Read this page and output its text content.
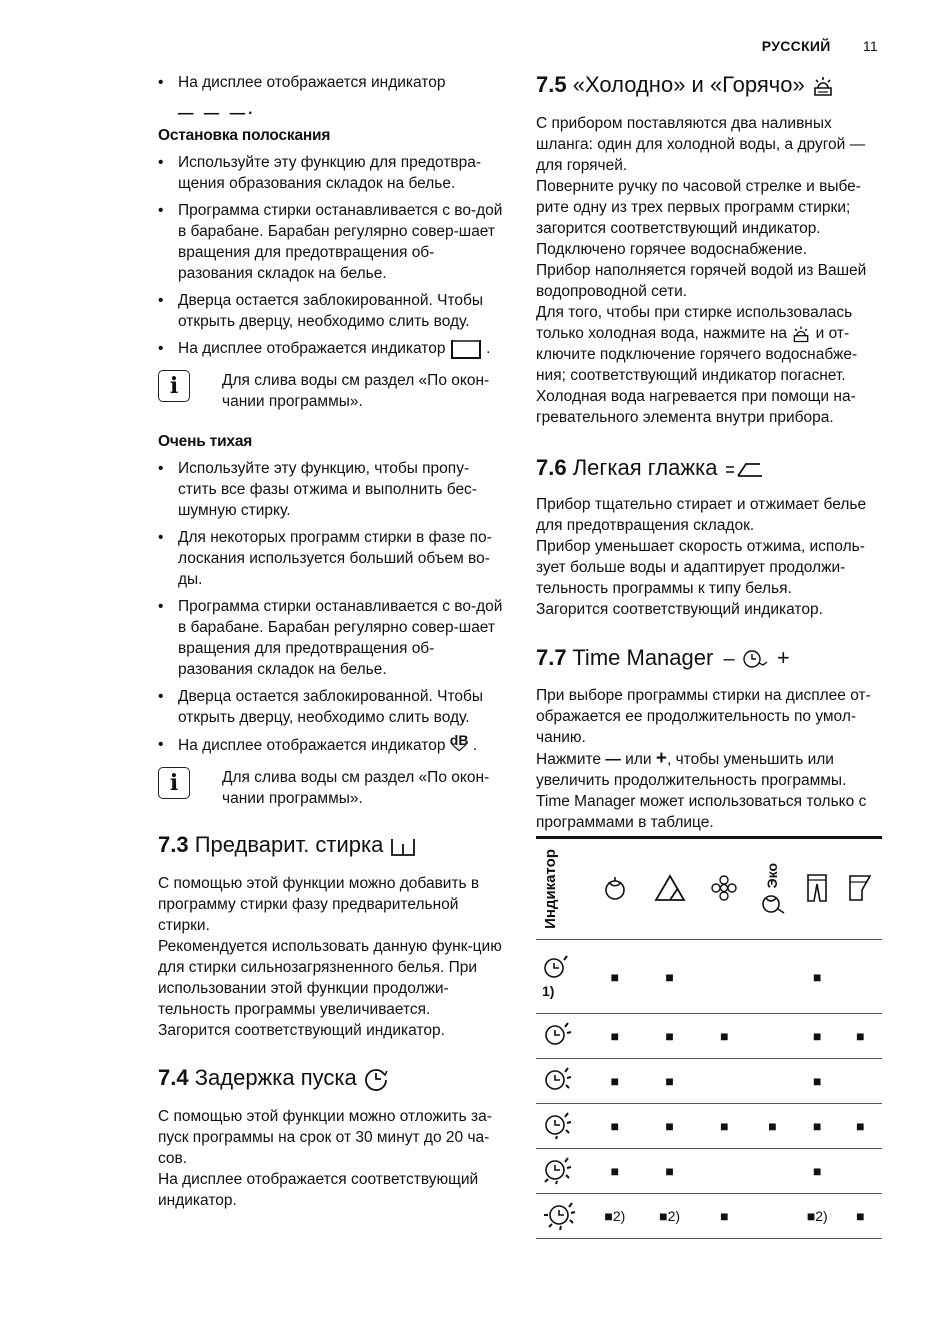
РУССКИЙ 11
• На дисплее отображается индикатор
— — —·
Остановка полоскания
• Используйте эту функцию для предотвра-щения образования складок на белье.
• Программа стирки останавливается с во-дой в барабане. Барабан регулярно совер-шает вращения для предотвращения об-разования складок на белье.
• Дверца остается заблокированной. Чтобы открыть дверцу, необходимо слить воду.
• На дисплее отображается индикатор  .
i	Для слива воды см раздел «По окон-чании программы».
Очень тихая
• Используйте эту функцию, чтобы пропу-стить все фазы отжима и выполнить бес-шумную стирку.
• Для некоторых программ стирки в фазе по-лоскания используется больший объем во-ды.
• Программа стирки останавливается с во-дой в барабане. Барабан регулярно совер-шает вращения для предотвращения об-разования складок на белье.
• Дверца остается заблокированной. Чтобы открыть дверцу, необходимо слить воду.
• На дисплее отображается индикатор dB
﹀ .
i	Для слива воды см раздел «По окон-чании программы».
7.3 Предварит. стирка

С помощью этой функции можно добавить в программу стирки фазу предварительной стирки.

Рекомендуется использовать данную функ-цию для стирки сильнозагрязненного белья. При использовании этой функции продолжи-тельность программы увеличивается.

Загорится соответствующий индикатор.

7.4 Задержка пуска

С помощью этой функции можно отложить за-пуск программы на срок от 30 минут до 20 ча-сов.

На дисплее отображается соответствующий индикатор.

7.5 «Холодно» и «Горячо»

С прибором поставляются два наливных шланга: один для холодной воды, а другой — для горячей.

Поверните ручку по часовой стрелке и выбе-рите одну из трех первых программ стирки; загорится соответствующий индикатор.

Подключено горячее водоснабжение.

Прибор наполняется горячей водой из Вашей водопроводной сети.

Для того, чтобы при стирке использовалась только холодная вода, нажмите на и от-ключите подключение горячего водоснабже-ния; соответствующий индикатор погаснет.

Холодная вода нагревается при помощи на-гревательного элемента внутри прибора.

7.6 Легкая глажка

Прибор тщательно стирает и отжимает белье для предотвращения складок.

Прибор уменьшает скорость отжима, исполь-зует больше воды и адаптирует продолжи-тельность программы к типу белья.

Загорится соответствующий индикатор.

7.7 Time Manager – +

При выборе программы стирки на дисплее от-ображается ее продолжительность по умол-чанию.

Нажмите — или +, чтобы уменьшить или увеличить продолжительность программы.

Time Manager может использоваться только с программами в таблице.

Индикатор				Эко

1)	■	■			■	
	■	■	■		■	■
	■	■			■	
	■	■	■	■	■	■
	■	■			■	
	■2)	■2)	■		■2)	■
